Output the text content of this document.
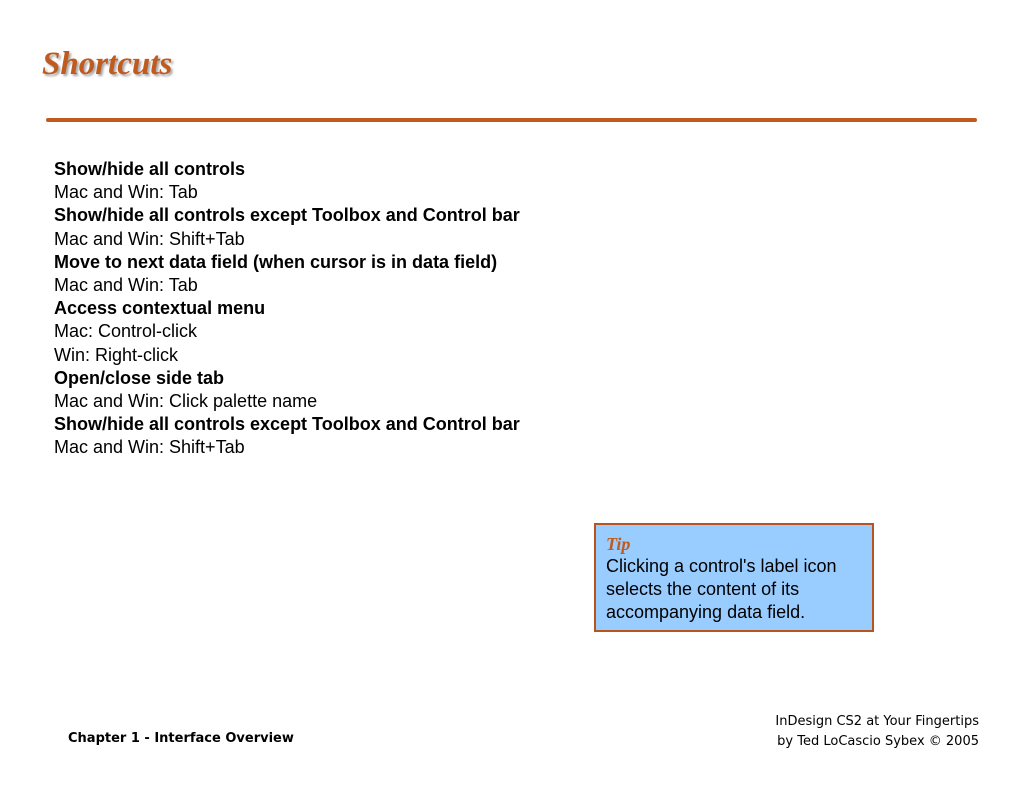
Shortcuts
Show/hide all controls
Mac and Win: Tab
Show/hide all controls except Toolbox and Control bar
Mac and Win: Shift+Tab
Move to next data field (when cursor is in data field)
Mac and Win: Tab
Access contextual menu
Mac: Control-click
Win: Right-click
Open/close side tab
Mac and Win: Click palette name
Show/hide all controls except Toolbox and Control bar
Mac and Win: Shift+Tab
Tip
Clicking a control's label icon selects the content of its accompanying data field.
Chapter 1 - Interface Overview
InDesign CS2 at Your Fingertips
by Ted LoCascio Sybex © 2005
